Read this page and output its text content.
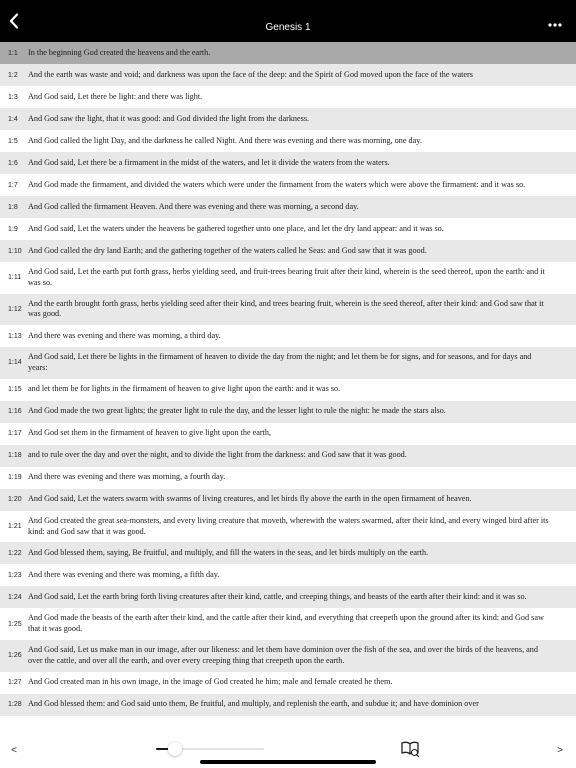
Genesis 1
1:1	In the beginning God created the heavens and the earth.
1:2	And the earth was waste and void; and darkness was upon the face of the deep: and the Spirit of God moved upon the face of the waters
1:3	And God said, Let there be light: and there was light.
1:4	And God saw the light, that it was good: and God divided the light from the darkness.
1:5	And God called the light Day, and the darkness he called Night. And there was evening and there was morning, one day.
1:6	And God said, Let there be a firmament in the midst of the waters, and let it divide the waters from the waters.
1:7	And God made the firmament, and divided the waters which were under the firmament from the waters which were above the firmament: and it was so.
1:8	And God called the firmament Heaven. And there was evening and there was morning, a second day.
1:9	And God said, Let the waters under the heavens be gathered together unto one place, and let the dry land appear: and it was so.
1:10 And God called the dry land Earth; and the gathering together of the waters called he Seas: and God saw that it was good.
1:11
And God said, Let the earth put forth grass, herbs yielding seed, and fruit-trees bearing fruit after their kind, wherein is the seed thereof, upon the earth: and it was so.
1:12
And the earth brought forth grass, herbs yielding seed after their kind, and trees bearing fruit, wherein is the seed thereof, after their kind: and God saw that it was good.
1:13 And there was evening and there was morning, a third day.
1:14
And God said, Let there be lights in the firmament of heaven to divide the day from the night; and let them be for signs, and for seasons, and for days and years:
1:15 and let them be for lights in the firmament of heaven to give light upon the earth: and it was so.
1:16 And God made the two great lights; the greater light to rule the day, and the lesser light to rule the night: he made the stars also.
1:17 And God set them in the firmament of heaven to give light upon the earth,
1:18 and to rule over the day and over the night, and to divide the light from the darkness: and God saw that it was good.
1:19 And there was evening and there was morning, a fourth day.
1:20 And God said, Let the waters swarm with swarms of living creatures, and let birds fly above the earth in the open firmament of heaven.
1:21
And God created the great sea-monsters, and every living creature that moveth, wherewith the waters swarmed, after their kind, and every winged bird after its kind: and God saw that it was good.
1:22 And God blessed them, saying, Be fruitful, and multiply, and fill the waters in the seas, and let birds multiply on the earth.
1:23 And there was evening and there was morning, a fifth day.
1:24 And God said, Let the earth bring forth living creatures after their kind, cattle, and creeping things, and beasts of the earth after their kind: and it was so.
1:25
And God made the beasts of the earth after their kind, and the cattle after their kind, and everything that creepeth upon the ground after its kind: and God saw that it was good.
1:26
And God said, Let us make man in our image, after our likeness: and let them have dominion over the fish of the sea, and over the birds of the heavens, and over the cattle, and over all the earth, and over every creeping thing that creepeth upon the earth.
1:27 And God created man in his own image, in the image of God created he him; male and female created he them.
1:28 And God blessed them: and God said unto them, Be fruitful, and multiply, and replenish the earth, and subdue it; and have dominion over
<	>
